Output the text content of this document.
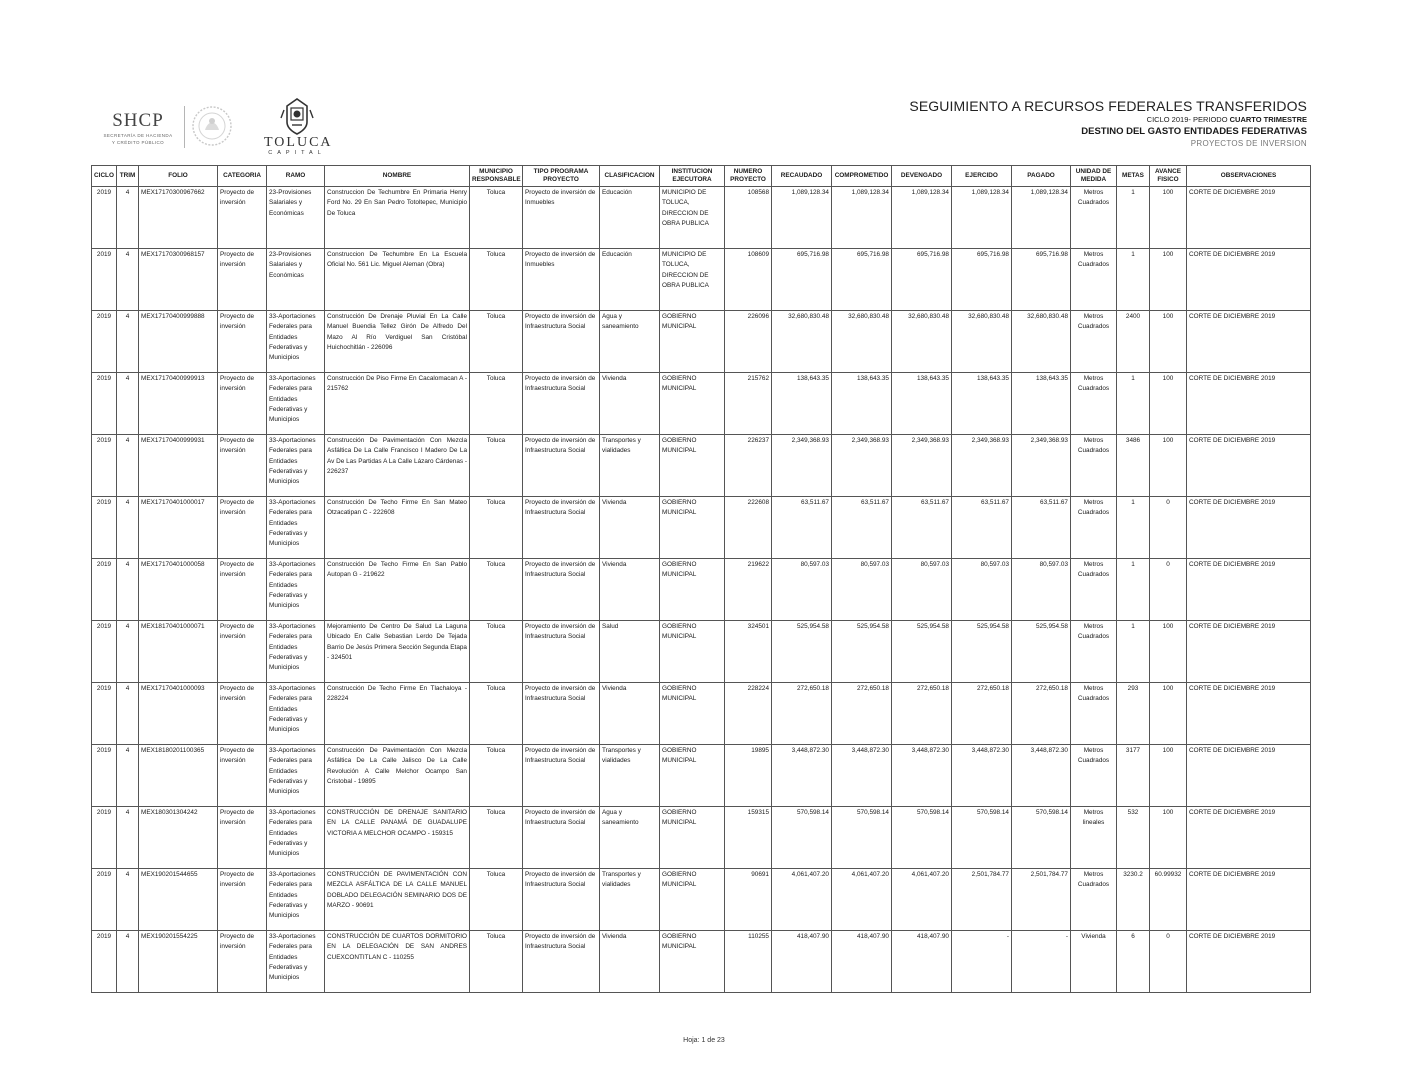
SHCP
SECRETARÍA DE HACIENDA
Y CRÉDITO PÚBLICO	TOLUCA
CAPITAL
SEGUIMIENTO A RECURSOS FEDERALES TRANSFERIDOS
CICLO 2019- PERIODO CUARTO TRIMESTRE
DESTINO DEL GASTO ENTIDADES FEDERATIVAS
PROYECTOS DE INVERSION
CICLO	TRIM	FOLIO	CATEGORIA	RAMO	NOMBRE	MUNICIPIO RESPONSABLE	TIPO PROGRAMA PROYECTO	CLASIFICACION	INSTITUCION EJECUTORA	NUMERO PROYECTO	RECAUDADO	COMPROMETIDO	DEVENGADO	EJERCIDO	PAGADO	UNIDAD DE MEDIDA	METAS	AVANCE FISICO	OBSERVACIONES
2019	4	MEX17170300967662	Proyecto de inversión	23-Provisiones Salariales y Económicas	Construccion De Techumbre En Primaria Henry Ford No. 29 En San Pedro Totoltepec, Municipio De Toluca	Toluca	Proyecto de inversión de Inmuebles	Educación	MUNICIPIO DE TOLUCA, DIRECCION DE OBRA PUBLICA	108568	1,089,128.34	1,089,128.34	1,089,128.34	1,089,128.34	1,089,128.34	Metros Cuadrados	1	100	CORTE DE DICIEMBRE 2019
2019	4	MEX17170300968157	Proyecto de inversión	23-Provisiones Salariales y Económicas	Construccion De Techumbre En La Escuela Oficial No. 561 Lic. Miguel Aleman (Obra)	Toluca	Proyecto de inversión de Inmuebles	Educación	MUNICIPIO DE TOLUCA, DIRECCION DE OBRA PUBLICA	108609	695,716.98	695,716.98	695,716.98	695,716.98	695,716.98	Metros Cuadrados	1	100	CORTE DE DICIEMBRE 2019
2019	4	MEX17170400999888	Proyecto de inversión	33-Aportaciones Federales para Entidades Federativas y Municipios	Construcción De Drenaje Pluvial En La Calle Manuel Buendia Tellez Girón De Alfredo Del Mazo Al Río Verdiguel San Cristóbal Huichochitlán - 226096	Toluca	Proyecto de inversión de Infraestructura Social	Agua y saneamiento	GOBIERNO MUNICIPAL	226096	32,680,830.48	32,680,830.48	32,680,830.48	32,680,830.48	32,680,830.48	Metros Cuadrados	2400	100	CORTE DE DICIEMBRE 2019
2019	4	MEX17170400999913	Proyecto de inversión	33-Aportaciones Federales para Entidades Federativas y Municipios	Construcción De Piso Firme En Cacalomacan A - 215762	Toluca	Proyecto de inversión de Infraestructura Social	Vivienda	GOBIERNO MUNICIPAL	215762	138,643.35	138,643.35	138,643.35	138,643.35	138,643.35	Metros Cuadrados	1	100	CORTE DE DICIEMBRE 2019
2019	4	MEX17170400999931	Proyecto de inversión	33-Aportaciones Federales para Entidades Federativas y Municipios	Construcción De Pavimentación Con Mezcla Asfáltica De La Calle Francisco I Madero De La Av De Las Partidas A La Calle Lázaro Cárdenas - 226237	Toluca	Proyecto de inversión de Infraestructura Social	Transportes y vialidades	GOBIERNO MUNICIPAL	226237	2,349,368.93	2,349,368.93	2,349,368.93	2,349,368.93	2,349,368.93	Metros Cuadrados	3486	100	CORTE DE DICIEMBRE 2019
2019	4	MEX17170401000017	Proyecto de inversión	33-Aportaciones Federales para Entidades Federativas y Municipios	Construcción De Techo Firme En San Mateo Otzacatipan C - 222608	Toluca	Proyecto de inversión de Infraestructura Social	Vivienda	GOBIERNO MUNICIPAL	222608	63,511.67	63,511.67	63,511.67	63,511.67	63,511.67	Metros Cuadrados	1	0	CORTE DE DICIEMBRE 2019
2019	4	MEX17170401000058	Proyecto de inversión	33-Aportaciones Federales para Entidades Federativas y Municipios	Construcción De Techo Firme En San Pablo Autopan G - 219622	Toluca	Proyecto de inversión de Infraestructura Social	Vivienda	GOBIERNO MUNICIPAL	219622	80,597.03	80,597.03	80,597.03	80,597.03	80,597.03	Metros Cuadrados	1	0	CORTE DE DICIEMBRE 2019
2019	4	MEX18170401000071	Proyecto de inversión	33-Aportaciones Federales para Entidades Federativas y Municipios	Mejoramiento De Centro De Salud La Laguna Ubicado En Calle Sebastian Lerdo De Tejada Barrio De Jesús Primera Sección Segunda Etapa - 324501	Toluca	Proyecto de inversión de Infraestructura Social	Salud	GOBIERNO MUNICIPAL	324501	525,954.58	525,954.58	525,954.58	525,954.58	525,954.58	Metros Cuadrados	1	100	CORTE DE DICIEMBRE 2019
2019	4	MEX17170401000093	Proyecto de inversión	33-Aportaciones Federales para Entidades Federativas y Municipios	Construcción De Techo Firme En Tlachaloya - 228224	Toluca	Proyecto de inversión de Infraestructura Social	Vivienda	GOBIERNO MUNICIPAL	228224	272,650.18	272,650.18	272,650.18	272,650.18	272,650.18	Metros Cuadrados	293	100	CORTE DE DICIEMBRE 2019
2019	4	MEX18180201100365	Proyecto de inversión	33-Aportaciones Federales para Entidades Federativas y Municipios	Construcción De Pavimentación Con Mezcla Asfáltica De La Calle Jalisco De La Calle Revolución A Calle Melchor Ocampo San Cristobal - 19895	Toluca	Proyecto de inversión de Infraestructura Social	Transportes y vialidades	GOBIERNO MUNICIPAL	19895	3,448,872.30	3,448,872.30	3,448,872.30	3,448,872.30	3,448,872.30	Metros Cuadrados	3177	100	CORTE DE DICIEMBRE 2019
2019	4	MEX180301304242	Proyecto de inversión	33-Aportaciones Federales para Entidades Federativas y Municipios	CONSTRUCCIÓN DE DRENAJE SANITARIO EN LA CALLE PANAMÁ DE GUADALUPE VICTORIA A MELCHOR OCAMPO - 159315	Toluca	Proyecto de inversión de Infraestructura Social	Agua y saneamiento	GOBIERNO MUNICIPAL	159315	570,598.14	570,598.14	570,598.14	570,598.14	570,598.14	Metros lineales	532	100	CORTE DE DICIEMBRE 2019
2019	4	MEX190201544655	Proyecto de inversión	33-Aportaciones Federales para Entidades Federativas y Municipios	CONSTRUCCIÓN DE PAVIMENTACIÓN CON MEZCLA ASFÁLTICA DE LA CALLE MANUEL DOBLADO DELEGACIÓN SEMINARIO DOS DE MARZO - 90691	Toluca	Proyecto de inversión de Infraestructura Social	Transportes y vialidades	GOBIERNO MUNICIPAL	90691	4,061,407.20	4,061,407.20	4,061,407.20	2,501,784.77	2,501,784.77	Metros Cuadrados	3230.2	60.99932	CORTE DE DICIEMBRE 2019
2019	4	MEX190201554225	Proyecto de inversión	33-Aportaciones Federales para Entidades Federativas y Municipios	CONSTRUCCIÓN DE CUARTOS DORMITORIO EN LA DELEGACIÓN DE SAN ANDRES CUEXCONTITLAN C - 110255	Toluca	Proyecto de inversión de Infraestructura Social	Vivienda	GOBIERNO MUNICIPAL	110255	418,407.90	418,407.90	418,407.90	-	-	Vivienda	6	0	CORTE DE DICIEMBRE 2019
Hoja: 1 de 23
